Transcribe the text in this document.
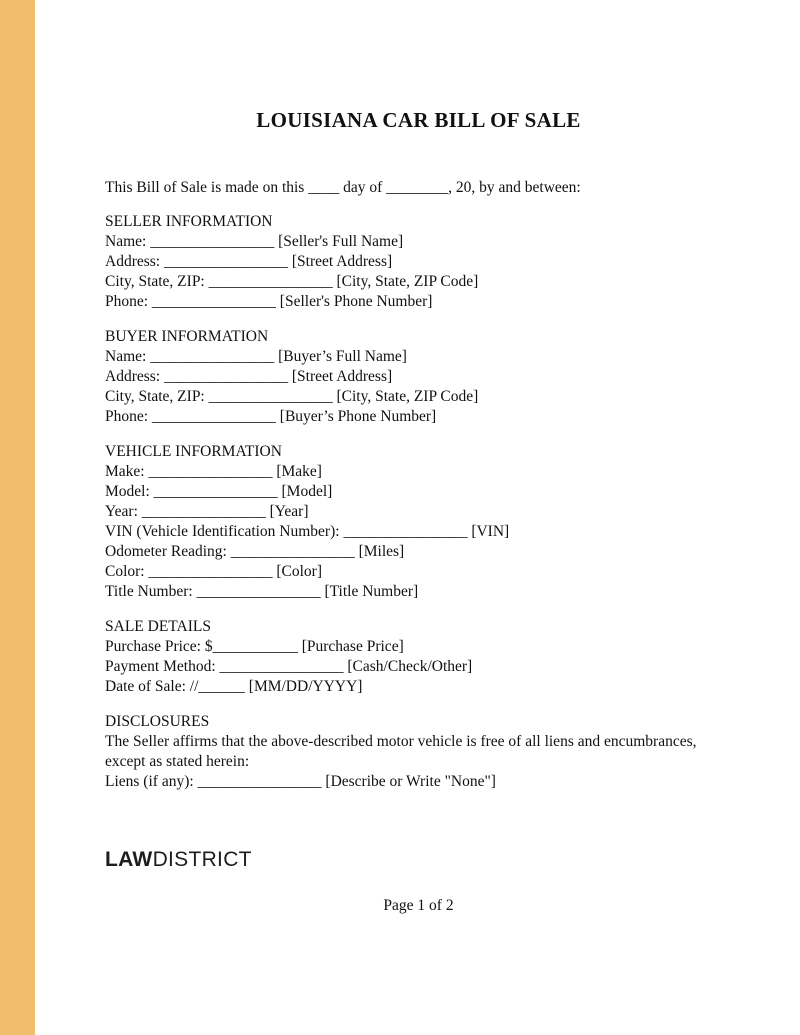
LOUISIANA CAR BILL OF SALE
This Bill of Sale is made on this ____ day of ________, 20, by and between:
SELLER INFORMATION
Name: ________________ [Seller's Full Name]
Address: ________________ [Street Address]
City, State, ZIP: ________________ [City, State, ZIP Code]
Phone: ________________ [Seller's Phone Number]
BUYER INFORMATION
Name: ________________ [Buyer’s Full Name]
Address: ________________ [Street Address]
City, State, ZIP: ________________ [City, State, ZIP Code]
Phone: ________________ [Buyer’s Phone Number]
VEHICLE INFORMATION
Make: ________________ [Make]
Model: ________________ [Model]
Year: ________________ [Year]
VIN (Vehicle Identification Number): ________________ [VIN]
Odometer Reading: ________________ [Miles]
Color: ________________ [Color]
Title Number: ________________ [Title Number]
SALE DETAILS
Purchase Price: $___________ [Purchase Price]
Payment Method: ________________ [Cash/Check/Other]
Date of Sale: //______ [MM/DD/YYYY]
DISCLOSURES
The Seller affirms that the above-described motor vehicle is free of all liens and encumbrances, except as stated herein:
Liens (if any): ________________ [Describe or Write "None"]
LAWDISTRICT
Page 1 of 2
